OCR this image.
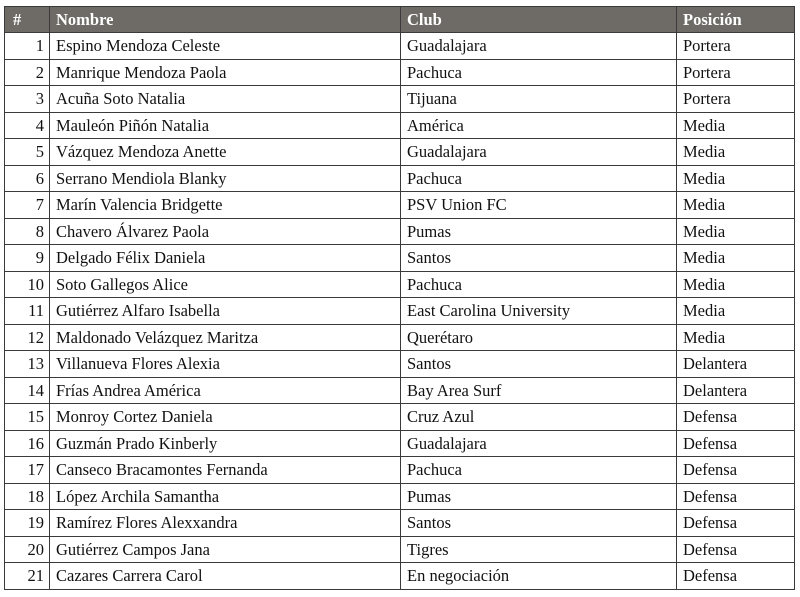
#	Nombre	Club	Posición
1	Espino Mendoza Celeste	Guadalajara	Portera
2	Manrique Mendoza Paola	Pachuca	Portera
3	Acuña Soto Natalia	Tijuana	Portera
4	Mauleón Piñón Natalia	América	Media
5	Vázquez Mendoza Anette	Guadalajara	Media
6	Serrano Mendiola Blanky	Pachuca	Media
7	Marín Valencia Bridgette	PSV Union FC	Media
8	Chavero Álvarez Paola	Pumas	Media
9	Delgado Félix Daniela	Santos	Media
10	Soto Gallegos Alice	Pachuca	Media
11	Gutiérrez Alfaro Isabella	East Carolina University	Media
12	Maldonado Velázquez Maritza	Querétaro	Media
13	Villanueva Flores Alexia	Santos	Delantera
14	Frías Andrea América	Bay Area Surf	Delantera
15	Monroy Cortez Daniela	Cruz Azul	Defensa
16	Guzmán Prado Kinberly	Guadalajara	Defensa
17	Canseco Bracamontes Fernanda	Pachuca	Defensa
18	López Archila Samantha	Pumas	Defensa
19	Ramírez Flores Alexxandra	Santos	Defensa
20	Gutiérrez Campos Jana	Tigres	Defensa
21	Cazares Carrera Carol	En negociación	Defensa
